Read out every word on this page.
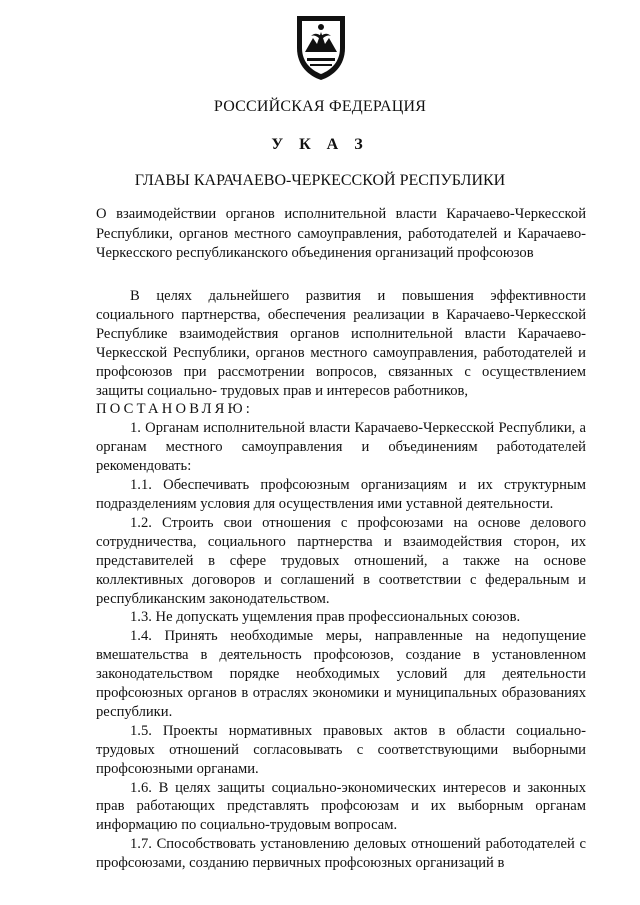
РОССИЙСКАЯ ФЕДЕРАЦИЯ
У К А З
ГЛАВЫ КАРАЧАЕВО-ЧЕРКЕССКОЙ РЕСПУБЛИКИ
О взаимодействии органов исполнительной власти Карачаево-Черкесской Республики, органов местного самоуправления, работодателей и Карачаево-Черкесского республиканского объединения организаций профсоюзов

В целях дальнейшего развития и повышения эффективности социального партнерства, обеспечения реализации в Карачаево-Черкесской Республике взаимодействия органов исполнительной власти Карачаево-Черкесской Республики, органов местного самоуправления, работодателей и профсоюзов при рассмотрении вопросов, связанных с осуществлением защиты социально- трудовых прав и интересов работников,

ПОСТАНОВЛЯЮ:

1. Органам исполнительной власти Карачаево-Черкесской Республики, а органам местного самоуправления и объединениям работодателей рекомендовать:

1.1. Обеспечивать профсоюзным организациям и их структурным подразделениям условия для осуществления ими уставной деятельности.

1.2. Строить свои отношения с профсоюзами на основе делового сотрудничества, социального партнерства и взаимодействия сторон, их представителей в сфере трудовых отношений, а также на основе коллективных договоров и соглашений в соответствии с федеральным и республиканским законодательством.

1.3. Не допускать ущемления прав профессиональных союзов.

1.4. Принять необходимые меры, направленные на недопущение вмешательства в деятельность профсоюзов, создание в установленном законодательством порядке необходимых условий для деятельности профсоюзных органов в отраслях экономики и муниципальных образованиях республики.

1.5. Проекты нормативных правовых актов в области социально-трудовых отношений согласовывать с соответствующими выборными профсоюзными органами.

1.6. В целях защиты социально-экономических интересов и законных прав работающих представлять профсоюзам и их выборным органам информацию по социально-трудовым вопросам.

1.7. Способствовать установлению деловых отношений работодателей с профсоюзами, созданию первичных профсоюзных организаций в
